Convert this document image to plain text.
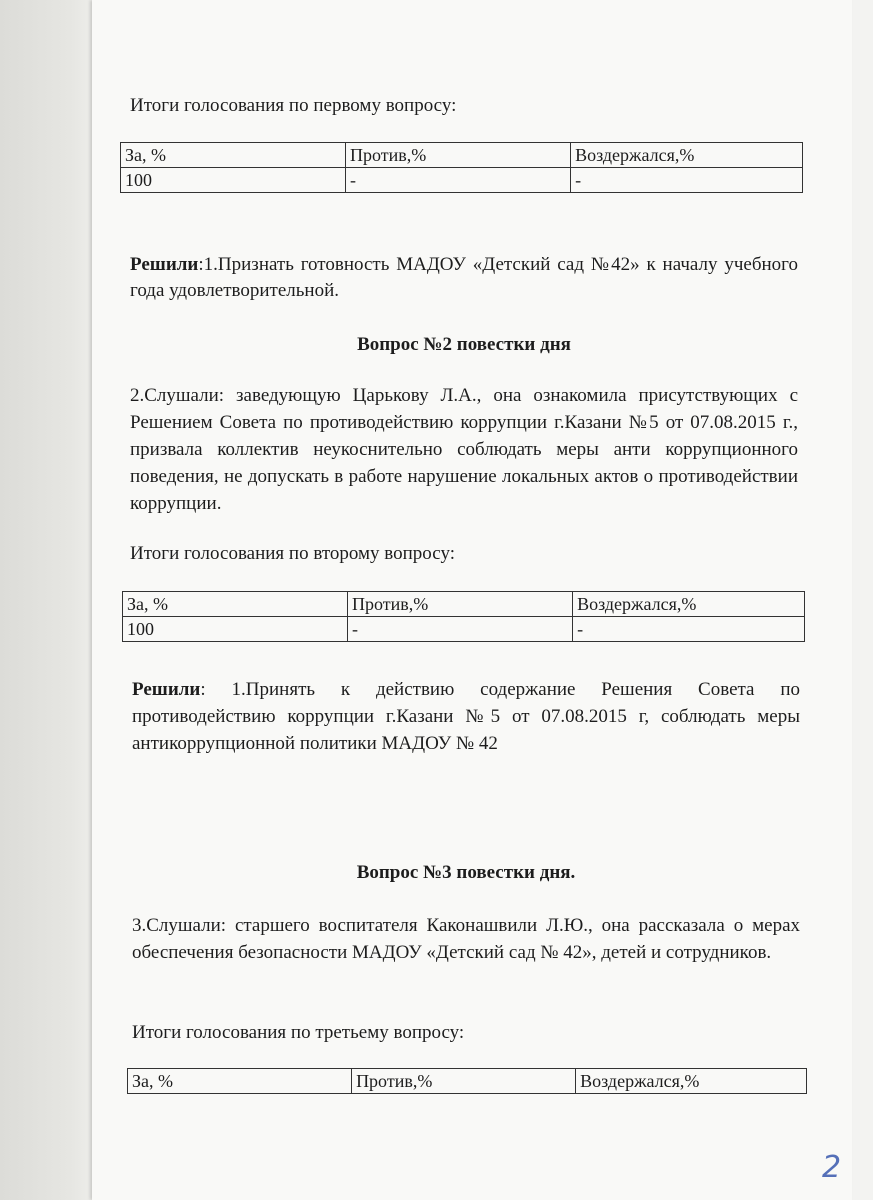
Итоги голосования по первому вопросу:

За, %	Против,%	Воздержался,%
100	-	-

Решили:1.Признать готовность МАДОУ «Детский сад №42» к началу учебного года удовлетворительной.

Вопрос №2 повестки дня

2.Слушали: заведующую Царькову Л.А., она ознакомила присутствующих с Решением Совета по противодействию коррупции г.Казани №5 от 07.08.2015 г., призвала коллектив неукоснительно соблюдать меры анти коррупционного поведения, не допускать в работе нарушение локальных актов о противодействии коррупции.

Итоги голосования по второму вопросу:

За, %	Против,%	Воздержался,%
100	-	-

Решили: 1.Принять к действию содержание Решения Совета по противодействию коррупции г.Казани №5 от 07.08.2015 г, соблюдать меры антикоррупционной политики МАДОУ № 42

Вопрос №3 повестки дня.

3.Слушали: старшего воспитателя Каконашвили Л.Ю., она рассказала о мерах обеспечения безопасности МАДОУ «Детский сад № 42», детей и сотрудников.

Итоги голосования по третьему вопросу:

За, %	Против,%	Воздержался,%
2
